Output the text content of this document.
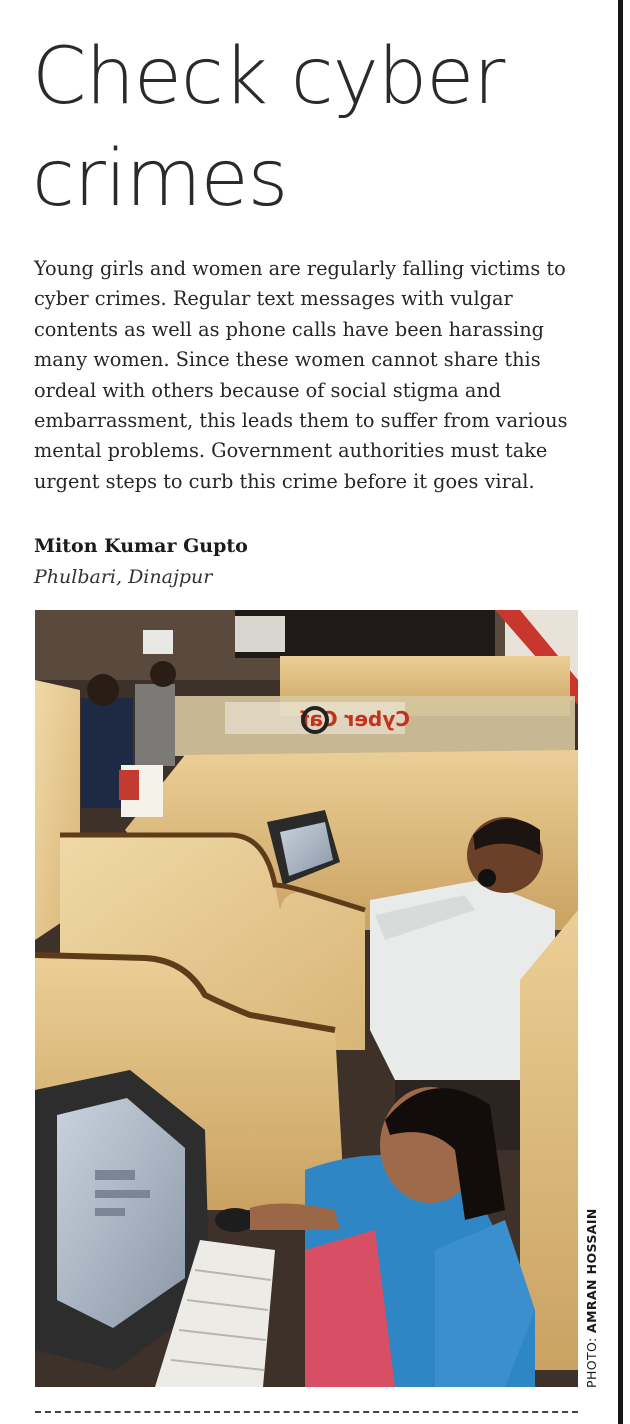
Check cyber crimes

Young girls and women are regularly falling victims to cyber crimes. Regular text messages with vulgar contents as well as phone calls have been harassing many women. Since these women cannot share this ordeal with others because of social stigma and embarrassment, this leads them to suffer from various mental problems. Government authorities must take urgent steps to curb this crime before it goes viral.

Miton Kumar Gupto

Phulbari, Dinajpur

Cyber Caf
PHOTO: AMRAN HOSSAIN
